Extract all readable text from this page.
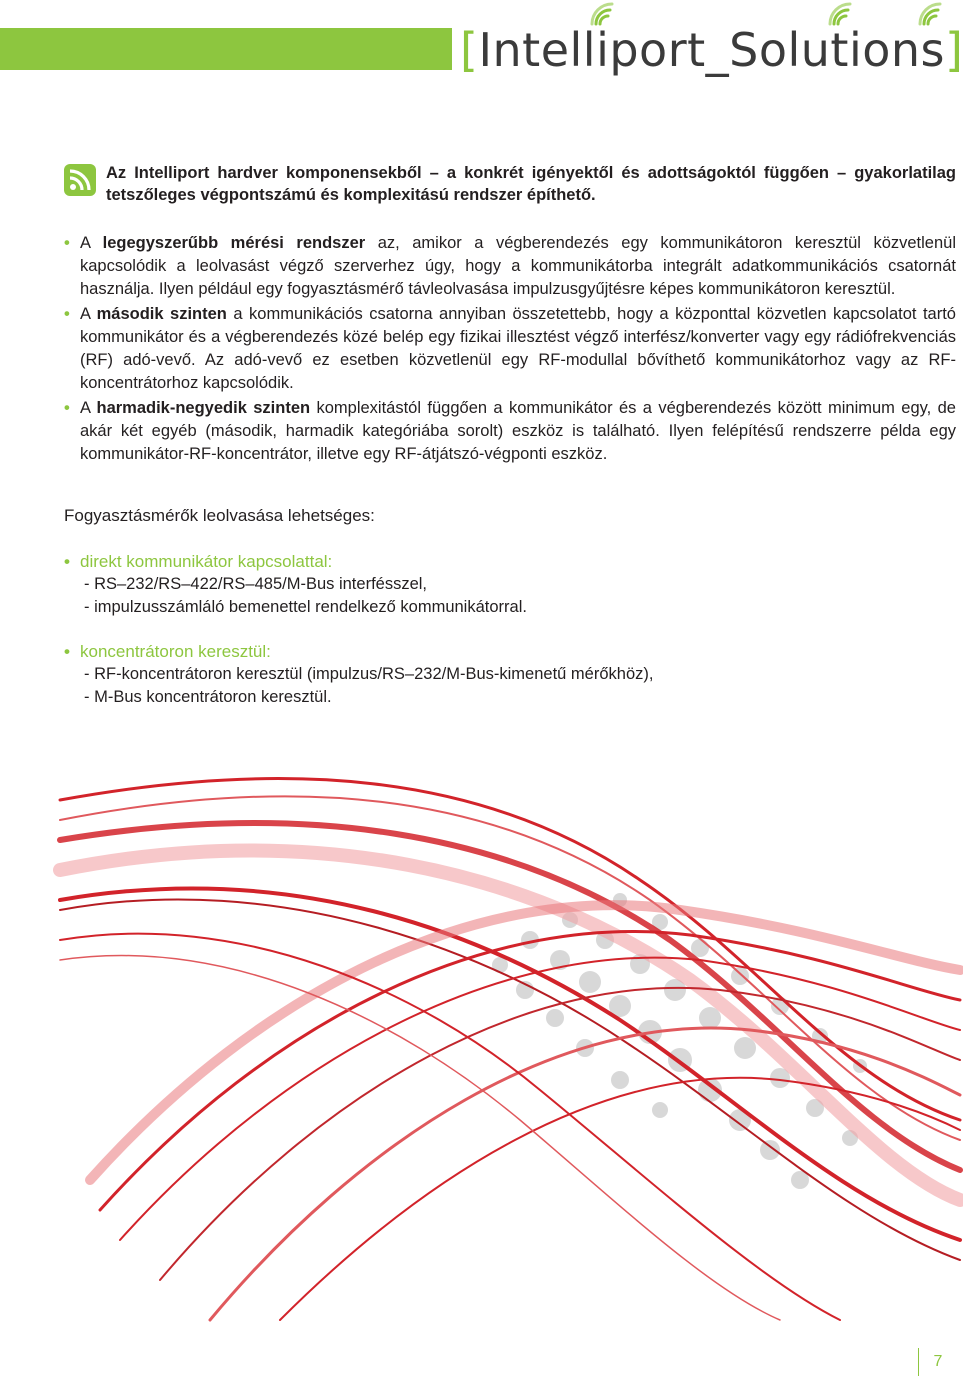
[Intelliport_Solutions]
Az Intelliport hardver komponensekből – a konkrét igényektől és adottságoktól függően – gyakorlatilag tetszőleges végpontszámú és komplexitású rendszer építhető.
• A legegyszerűbb mérési rendszer az, amikor a végberendezés egy kommunikátoron keresztül közvetlenül kapcsolódik a leolvasást végző szerverhez úgy, hogy a kommunikátorba integrált adatkommunikációs csatornát használja. Ilyen például egy fogyasztásmérő távleolvasása impulzusgyűjtésre képes kommunikátoron keresztül.
• A második szinten a kommunikációs csatorna annyiban összetettebb, hogy a központtal közvetlen kapcsolatot tartó kommunikátor és a végberendezés közé belép egy fizikai illesztést végző interfész/konverter vagy egy rádiófrekvenciás (RF) adó-vevő. Az adó-vevő ez esetben közvetlenül egy RF-modullal bővíthető kommunikátorhoz vagy az RF-koncentrátorhoz kapcsolódik.
• A harmadik-negyedik szinten komplexitástól függően a kommunikátor és a végberendezés között minimum egy, de akár két egyéb (második, harmadik kategóriába sorolt) eszköz is található. Ilyen felépítésű rendszerre példa egy kommunikátor-RF-koncentrátor, illetve egy RF-átjátszó-végponti eszköz.
Fogyasztásmérők leolvasása lehetséges:
• direkt kommunikátor kapcsolattal:
- RS–232/RS–422/RS–485/M-Bus interfésszel,
- impulzusszámláló bemenettel rendelkező kommunikátorral.
• koncentrátoron keresztül:
- RF-koncentrátoron keresztül (impulzus/RS–232/M-Bus-kimenetű mérőkhöz),
- M-Bus koncentrátoron keresztül.
7
